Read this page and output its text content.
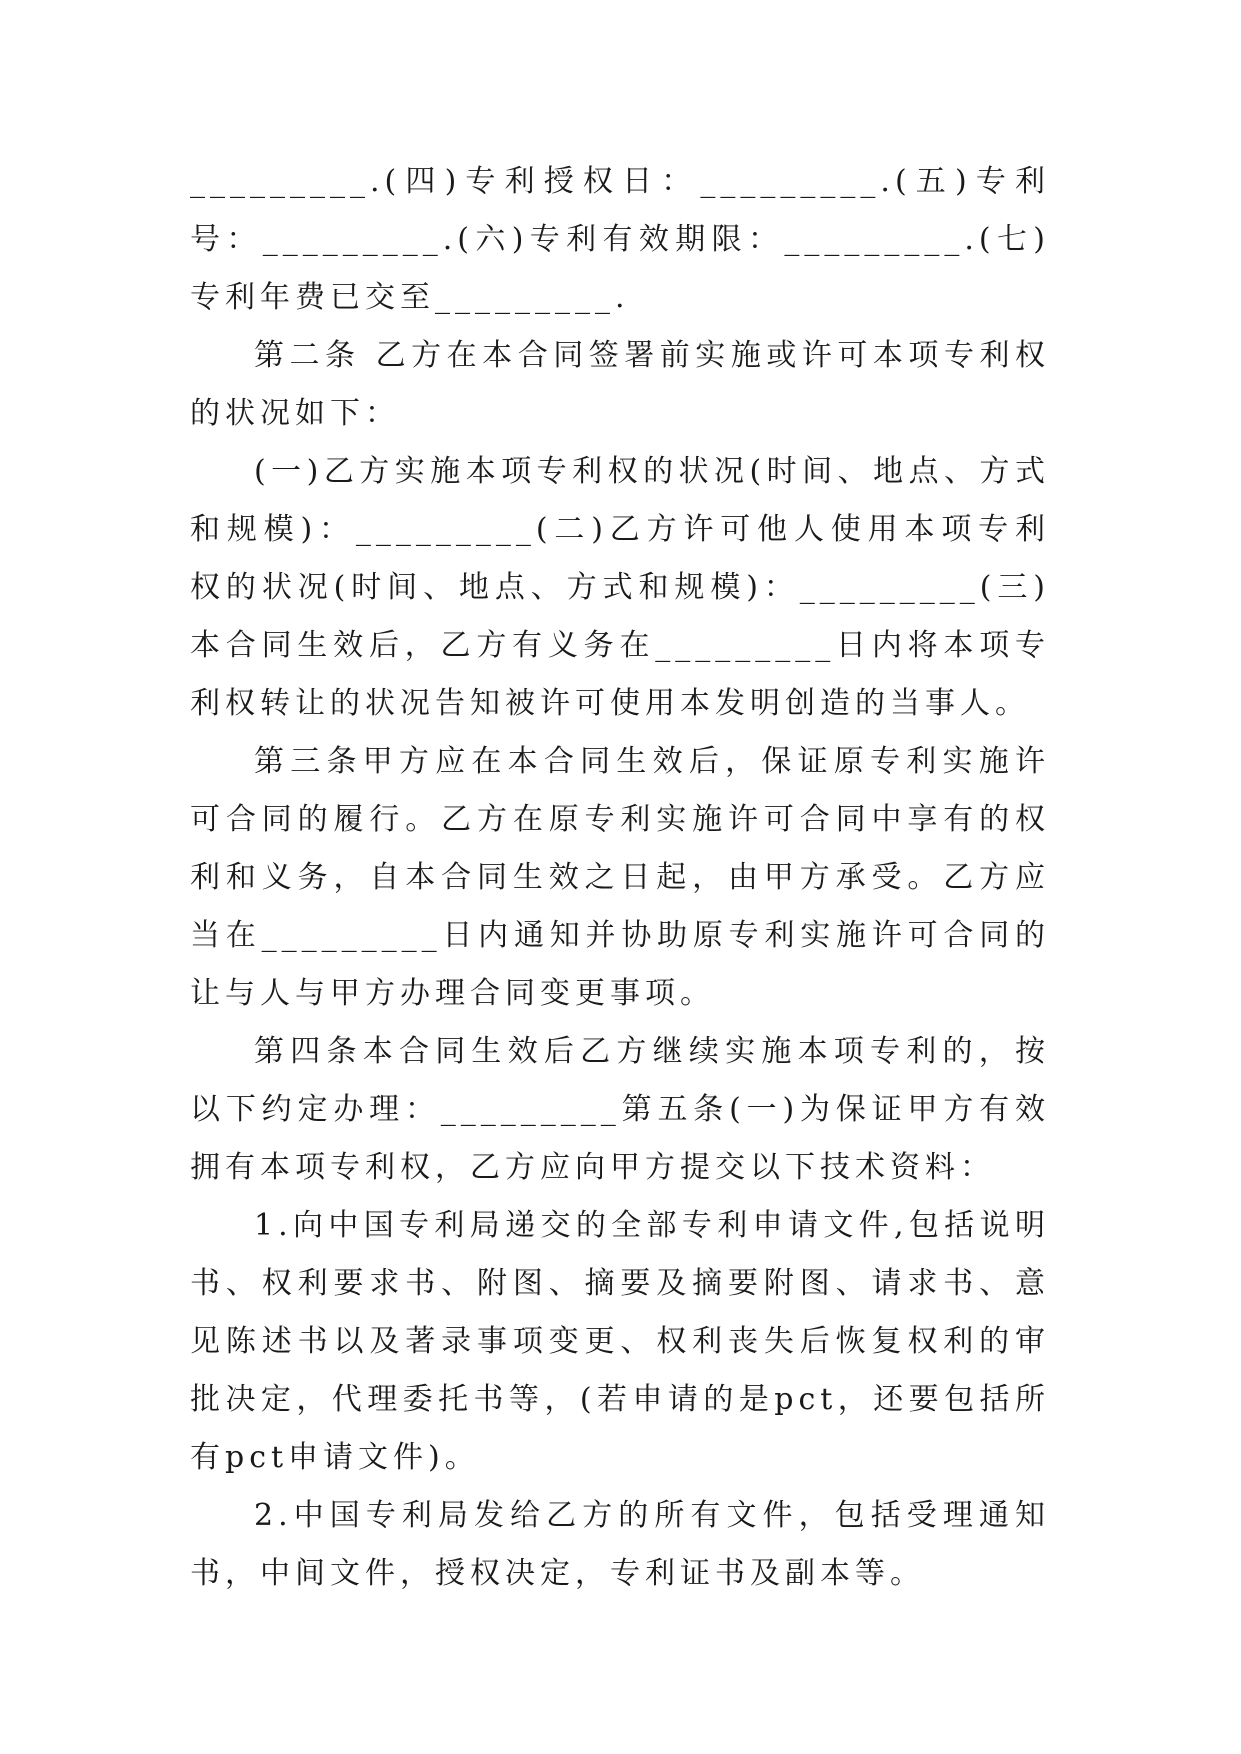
_________.(四)专利授权日：_________.(五)专利号：_________.(六)专利有效期限：_________.(七)专利年费已交至_________.

第二条 乙方在本合同签署前实施或许可本项专利权的状况如下：

(一)乙方实施本项专利权的状况(时间、地点、方式和规模)：_________(二)乙方许可他人使用本项专利权的状况(时间、地点、方式和规模)：_________(三)本合同生效后，乙方有义务在_________日内将本项专利权转让的状况告知被许可使用本发明创造的当事人。

第三条甲方应在本合同生效后，保证原专利实施许可合同的履行。乙方在原专利实施许可合同中享有的权利和义务，自本合同生效之日起，由甲方承受。乙方应当在_________日内通知并协助原专利实施许可合同的让与人与甲方办理合同变更事项。

第四条本合同生效后乙方继续实施本项专利的，按以下约定办理：_________第五条(一)为保证甲方有效拥有本项专利权，乙方应向甲方提交以下技术资料：

1.向中国专利局递交的全部专利申请文件,包括说明书、权利要求书、附图、摘要及摘要附图、请求书、意见陈述书以及著录事项变更、权利丧失后恢复权利的审批决定，代理委托书等，(若申请的是pct，还要包括所有pct申请文件)。

2.中国专利局发给乙方的所有文件，包括受理通知书，中间文件，授权决定，专利证书及副本等。
